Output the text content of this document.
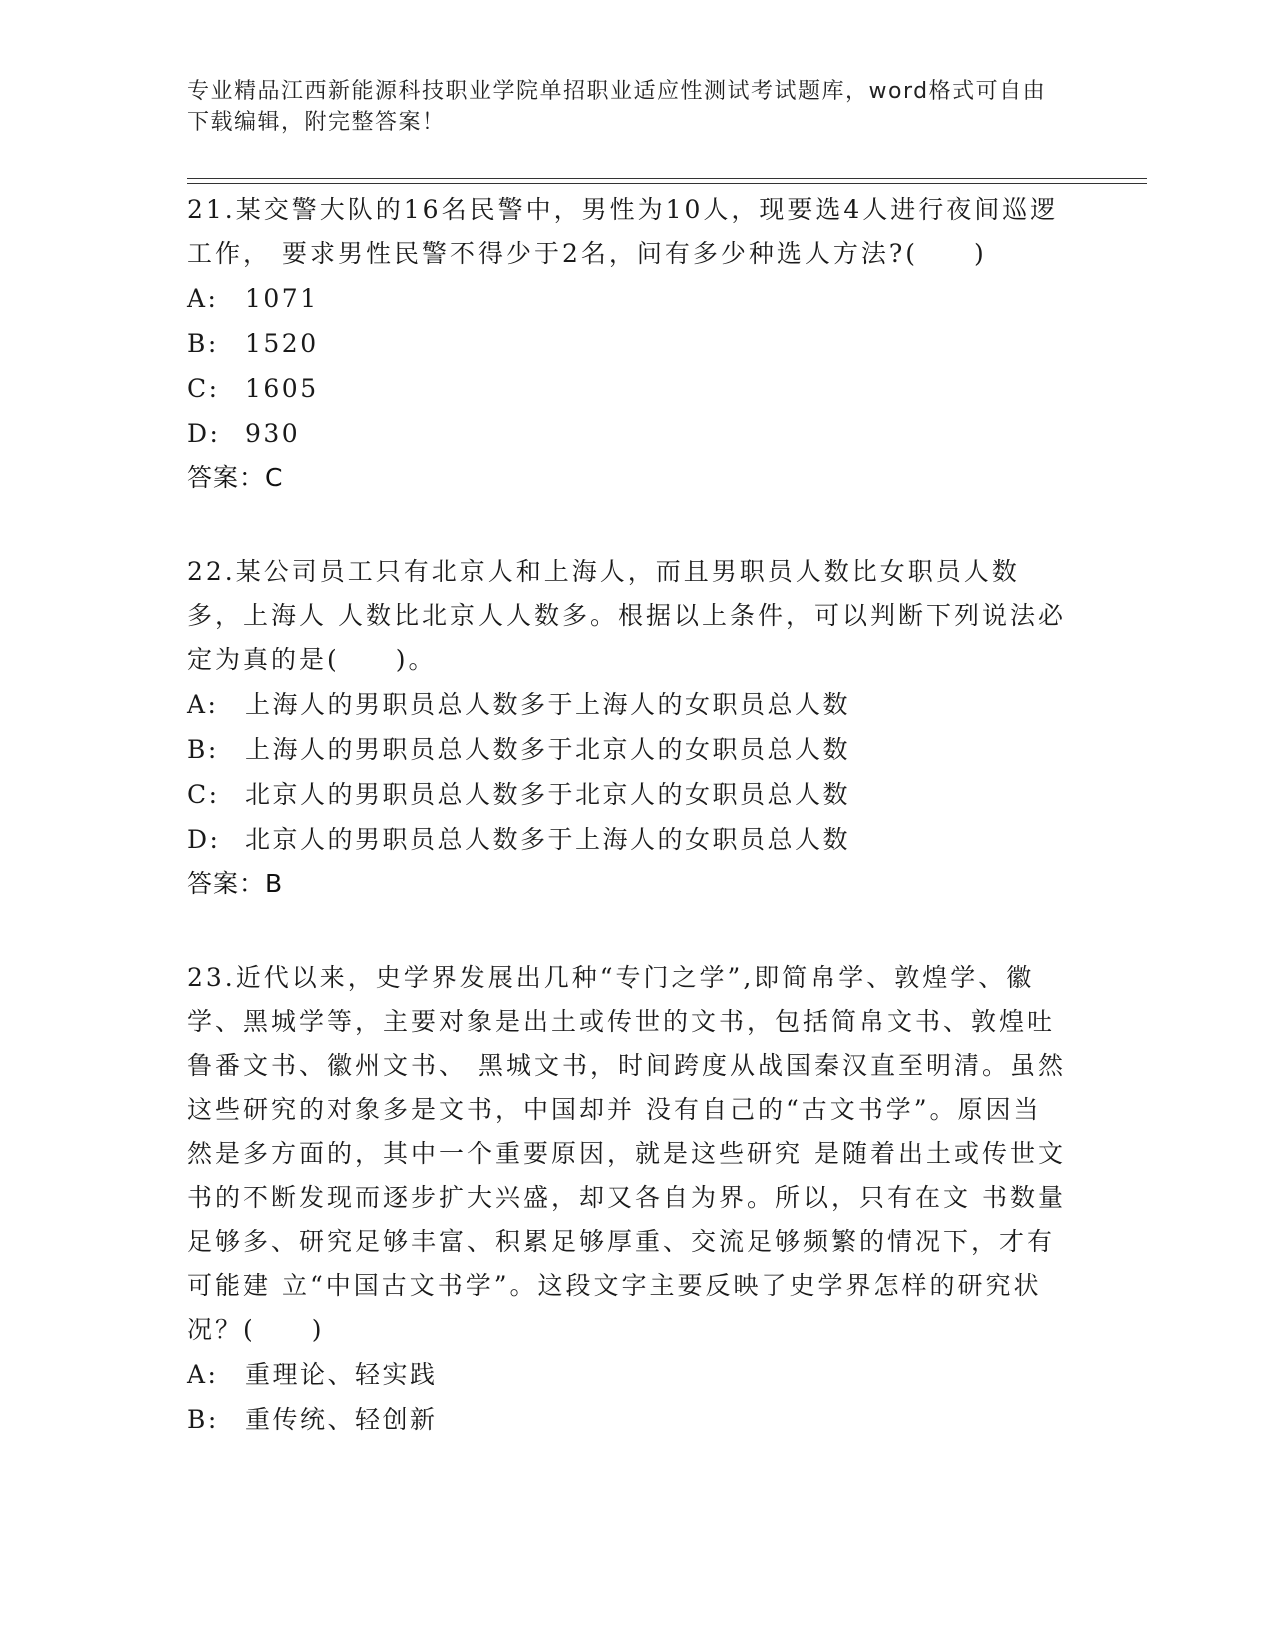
专业精品江西新能源科技职业学院单招职业适应性测试考试题库，word格式可自由下载编辑，附完整答案！

21.某交警大队的16名民警中，男性为10人，现要选4人进行夜间巡逻工作， 要求男性民警不得少于2名，问有多少种选人方法?(　　)

A: 1071
B: 1520
C: 1605
D: 930
答案：C

22.某公司员工只有北京人和上海人，而且男职员人数比女职员人数多，上海人 人数比北京人人数多。根据以上条件，可以判断下列说法必定为真的是(　　)。

A: 上海人的男职员总人数多于上海人的女职员总人数
B: 上海人的男职员总人数多于北京人的女职员总人数
C: 北京人的男职员总人数多于北京人的女职员总人数
D: 北京人的男职员总人数多于上海人的女职员总人数
答案：B

23.近代以来，史学界发展出几种“专门之学”,即简帛学、敦煌学、徽学、黑城学等，主要对象是出土或传世的文书，包括简帛文书、敦煌吐鲁番文书、徽州文书、 黑城文书，时间跨度从战国秦汉直至明清。虽然这些研究的对象多是文书，中国却并 没有自己的“古文书学”。原因当然是多方面的，其中一个重要原因，就是这些研究 是随着出土或传世文书的不断发现而逐步扩大兴盛，却又各自为界。所以，只有在文 书数量足够多、研究足够丰富、积累足够厚重、交流足够频繁的情况下，才有可能建 立“中国古文书学”。这段文字主要反映了史学界怎样的研究状况？(　　)

A: 重理论、轻实践
B: 重传统、轻创新
